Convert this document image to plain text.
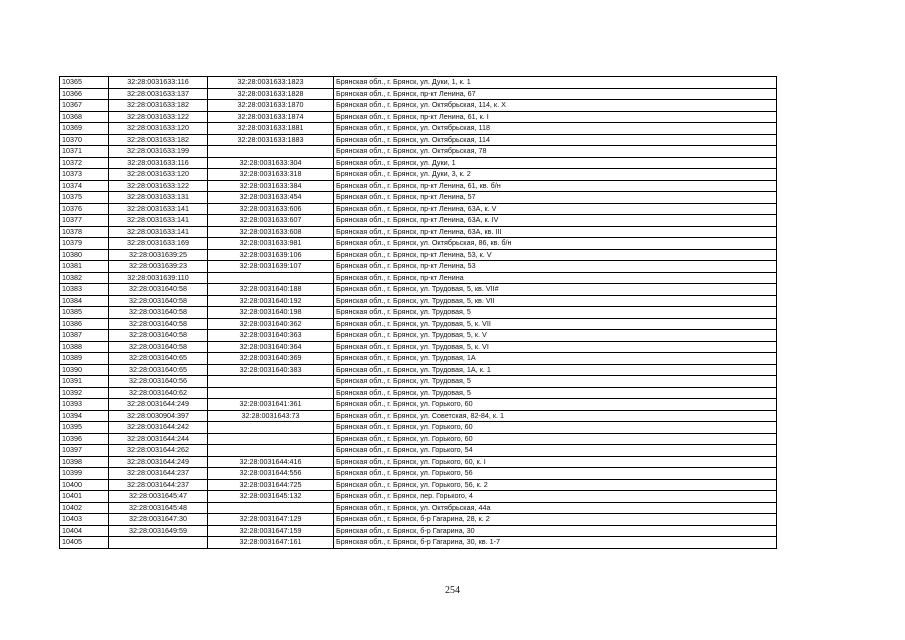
10365	32:28:0031633:116	32:28:0031633:1823	Брянская обл., г. Брянск, ул. Дуки, 1, к. 1
10366	32:28:0031633:137	32:28:0031633:1828	Брянская обл., г. Брянск, пр-кт Ленина, 67
10367	32:28:0031633:182	32:28:0031633:1870	Брянская обл., г. Брянск, ул. Октябрьская, 114, к. X
10368	32:28:0031633:122	32:28:0031633:1874	Брянская обл., г. Брянск, пр-кт Ленина, 61, к. I
10369	32:28:0031633:120	32:28:0031633:1881	Брянская обл., г. Брянск, ул. Октябрьская, 118
10370	32:28:0031633:182	32:28:0031633:1883	Брянская обл., г. Брянск, ул. Октябрьская, 114
10371	32:28:0031633:199		Брянская обл., г. Брянск, ул. Октябрьская, 78
10372	32:28:0031633:116	32:28:0031633:304	Брянская обл., г. Брянск, ул. Дуки, 1
10373	32:28:0031633:120	32:28:0031633:318	Брянская обл., г. Брянск, ул. Дуки, 3, к. 2
10374	32:28:0031633:122	32:28:0031633:384	Брянская обл., г. Брянск, пр-кт Ленина, 61, кв. б/н
10375	32:28:0031633:131	32:28:0031633:454	Брянская обл., г. Брянск, пр-кт Ленина, 57
10376	32:28:0031633:141	32:28:0031633:606	Брянская обл., г. Брянск, пр-кт Ленина, 63А, к. V
10377	32:28:0031633:141	32:28:0031633:607	Брянская обл., г. Брянск, пр-кт Ленина, 63А, к. IV
10378	32:28:0031633:141	32:28:0031633:608	Брянская обл., г. Брянск, пр-кт Ленина, 63А, кв. III
10379	32:28:0031633:169	32:28:0031633:981	Брянская обл., г. Брянск, ул. Октябрьская, 86, кв. б/н
10380	32:28:0031639:25	32:28:0031639:106	Брянская обл., г. Брянск, пр-кт Ленина, 53, к. V
10381	32:28:0031639:23	32:28:0031639:107	Брянская обл., г. Брянск, пр-кт Ленина, 53
10382	32:28:0031639:110		Брянская обл., г. Брянск, пр-кт Ленина
10383	32:28:0031640:58	32:28:0031640:188	Брянская обл., г. Брянск, ул. Трудовая, 5, кв. VII#
10384	32:28:0031640:58	32:28:0031640:192	Брянская обл., г. Брянск, ул. Трудовая, 5, кв. VII
10385	32:28:0031640:58	32:28:0031640:198	Брянская обл., г. Брянск, ул. Трудовая, 5
10386	32:28:0031640:58	32:28:0031640:362	Брянская обл., г. Брянск, ул. Трудовая, 5, к. VII
10387	32:28:0031640:58	32:28:0031640:363	Брянская обл., г. Брянск, ул. Трудовая, 5, к. V
10388	32:28:0031640:58	32:28:0031640:364	Брянская обл., г. Брянск, ул. Трудовая, 5, к. VI
10389	32:28:0031640:65	32:28:0031640:369	Брянская обл., г. Брянск, ул. Трудовая, 1А
10390	32:28:0031640:65	32:28:0031640:383	Брянская обл., г. Брянск, ул. Трудовая, 1А, к. 1
10391	32:28:0031640:56		Брянская обл., г. Брянск, ул. Трудовая, 5
10392	32:28:0031640:62		Брянская обл., г. Брянск, ул. Трудовая, 5
10393	32:28:0031644:249	32:28:0031641:361	Брянская обл., г. Брянск, ул. Горького, 60
10394	32:28:0030904:397	32:28:0031643:73	Брянская обл., г. Брянск, ул. Советская, 82-84, к. 1
10395	32:28:0031644:242		Брянская обл., г. Брянск, ул. Горького, 60
10396	32:28:0031644:244		Брянская обл., г. Брянск, ул. Горького, 60
10397	32:28:0031644:262		Брянская обл., г. Брянск, ул. Горького, 54
10398	32:28:0031644:249	32:28:0031644:416	Брянская обл., г. Брянск, ул. Горького, 60, к. I
10399	32:28:0031644:237	32:28:0031644:556	Брянская обл., г. Брянск, ул. Горького, 56
10400	32:28:0031644:237	32:28:0031644:725	Брянская обл., г. Брянск, ул. Горького, 56, к. 2
10401	32:28:0031645:47	32:28:0031645:132	Брянская обл., г. Брянск, пер. Горького, 4
10402	32:28:0031645:48		Брянская обл., г. Брянск, ул. Октябрьская, 44а
10403	32:28:0031647:30	32:28:0031647:129	Брянская обл., г. Брянск, б-р Гагарина, 28, к. 2
10404	32:28:0031649:59	32:28:0031647:159	Брянская обл., г. Брянск, б-р Гагарина, 30
10405		32:28:0031647:161	Брянская обл., г. Брянск, б-р Гагарина, 30, кв. 1-7
254
